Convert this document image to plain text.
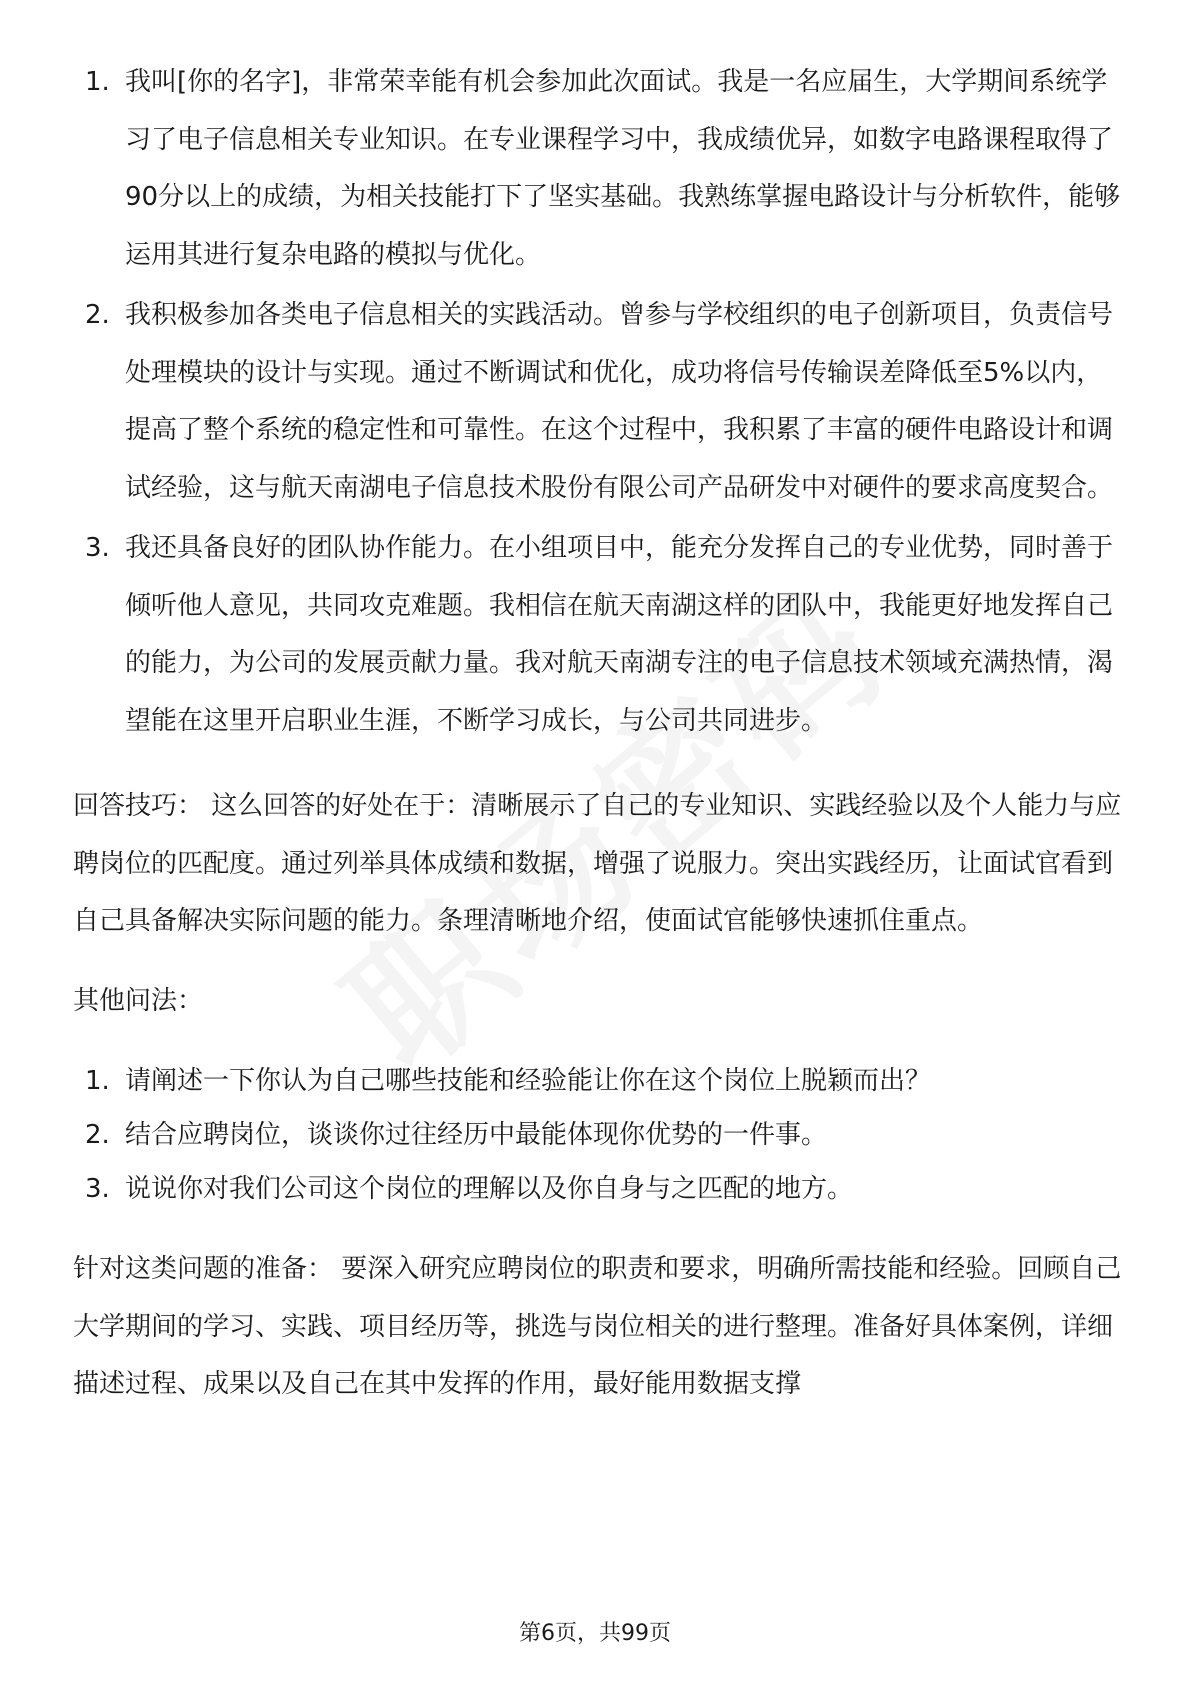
1. 我叫[你的名字]，非常荣幸能有机会参加此次面试。我是一名应届生，大学期间系统学习了电子信息相关专业知识。在专业课程学习中，我成绩优异，如数字电路课程取得了90分以上的成绩，为相关技能打下了坚实基础。我熟练掌握电路设计与分析软件，能够运用其进行复杂电路的模拟与优化。
2. 我积极参加各类电子信息相关的实践活动。曾参与学校组织的电子创新项目，负责信号处理模块的设计与实现。通过不断调试和优化，成功将信号传输误差降低至5%以内，提高了整个系统的稳定性和可靠性。在这个过程中，我积累了丰富的硬件电路设计和调试经验，这与航天南湖电子信息技术股份有限公司产品研发中对硬件的要求高度契合。
3. 我还具备良好的团队协作能力。在小组项目中，能充分发挥自己的专业优势，同时善于倾听他人意见，共同攻克难题。我相信在航天南湖这样的团队中，我能更好地发挥自己的能力，为公司的发展贡献力量。我对航天南湖专注的电子信息技术领域充满热情，渴望能在这里开启职业生涯，不断学习成长，与公司共同进步。
回答技巧： 这么回答的好处在于：清晰展示了自己的专业知识、实践经验以及个人能力与应聘岗位的匹配度。通过列举具体成绩和数据，增强了说服力。突出实践经历，让面试官看到自己具备解决实际问题的能力。条理清晰地介绍，使面试官能够快速抓住重点。
其他问法：
1. 请阐述一下你认为自己哪些技能和经验能让你在这个岗位上脱颖而出？
2. 结合应聘岗位，谈谈你过往经历中最能体现你优势的一件事。
3. 说说你对我们公司这个岗位的理解以及你自身与之匹配的地方。
针对这类问题的准备： 要深入研究应聘岗位的职责和要求，明确所需技能和经验。回顾自己大学期间的学习、实践、项目经历等，挑选与岗位相关的进行整理。准备好具体案例，详细描述过程、成果以及自己在其中发挥的作用，最好能用数据支撑
第6页，共99页
